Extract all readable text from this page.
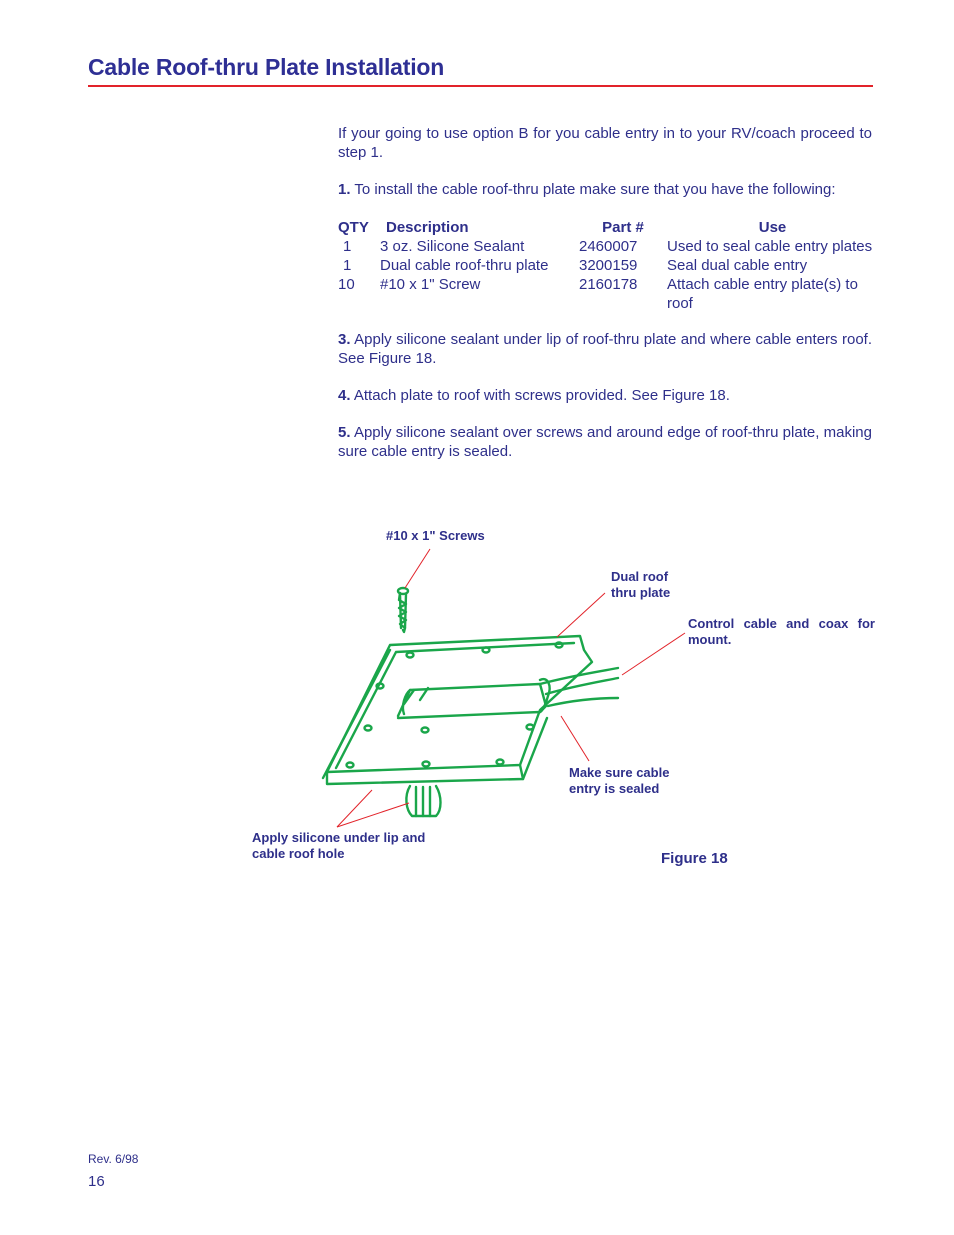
Cable Roof-thru Plate Installation

If your going to use option B for you cable entry in to your RV/coach proceed to step 1.

1. To install the cable roof-thru plate make sure that you have the following:

QTY	Description	Part #	Use
1	3 oz. Silicone Sealant	2460007	Used to seal cable entry plates
1	Dual cable roof-thru plate	3200159	Seal dual cable entry
10	#10 x 1" Screw	2160178	Attach cable entry plate(s) to roof

3. Apply silicone sealant under lip of roof-thru plate and where cable enters roof. See Figure 18.

4. Attach plate to roof with screws provided. See Figure 18.

5. Apply silicone sealant over screws and around edge of roof-thru plate, making sure cable entry is sealed.

#10 x 1" Screws

Dual roof
thru plate

Control cable and coax for mount.

Make sure cable
entry is sealed

Apply silicone under lip and
cable roof hole	Figure 18

Rev. 6/98

16
